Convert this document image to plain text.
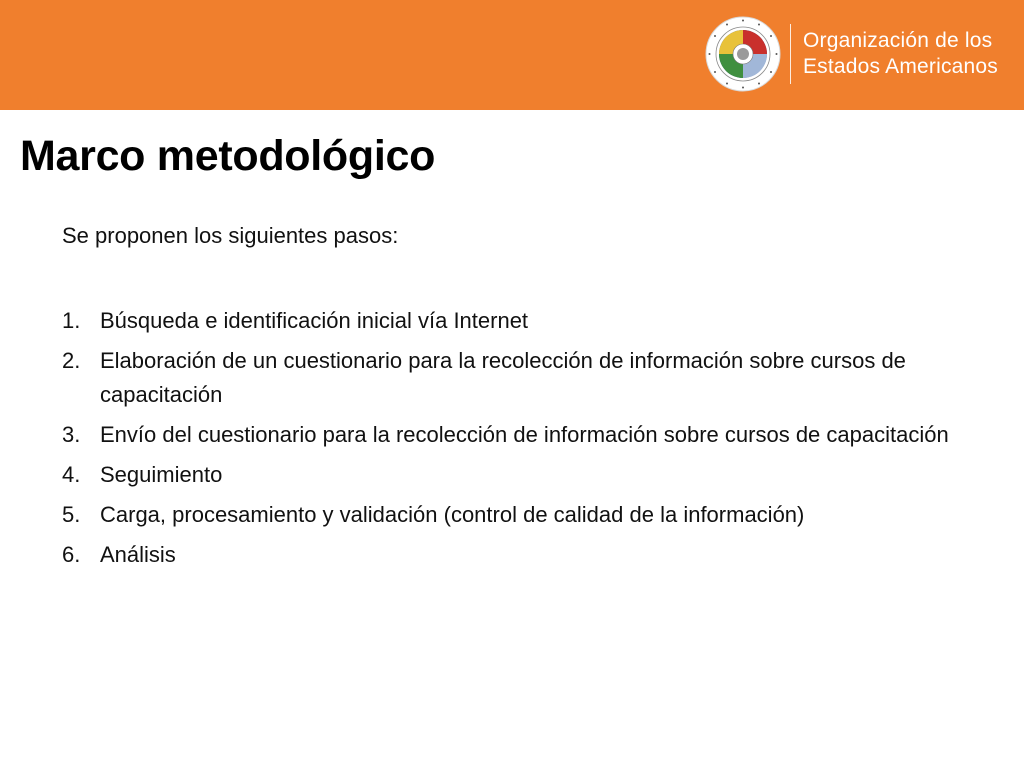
Organización de los
Estados Americanos
Marco metodológico

Se proponen los siguientes pasos:

1. Búsqueda e identificación inicial vía Internet
2. Elaboración de un cuestionario para la recolección de información sobre cursos de capacitación
3. Envío del cuestionario para la recolección de información sobre cursos de capacitación
4. Seguimiento
5. Carga, procesamiento y validación (control de calidad de la información)
6. Análisis
